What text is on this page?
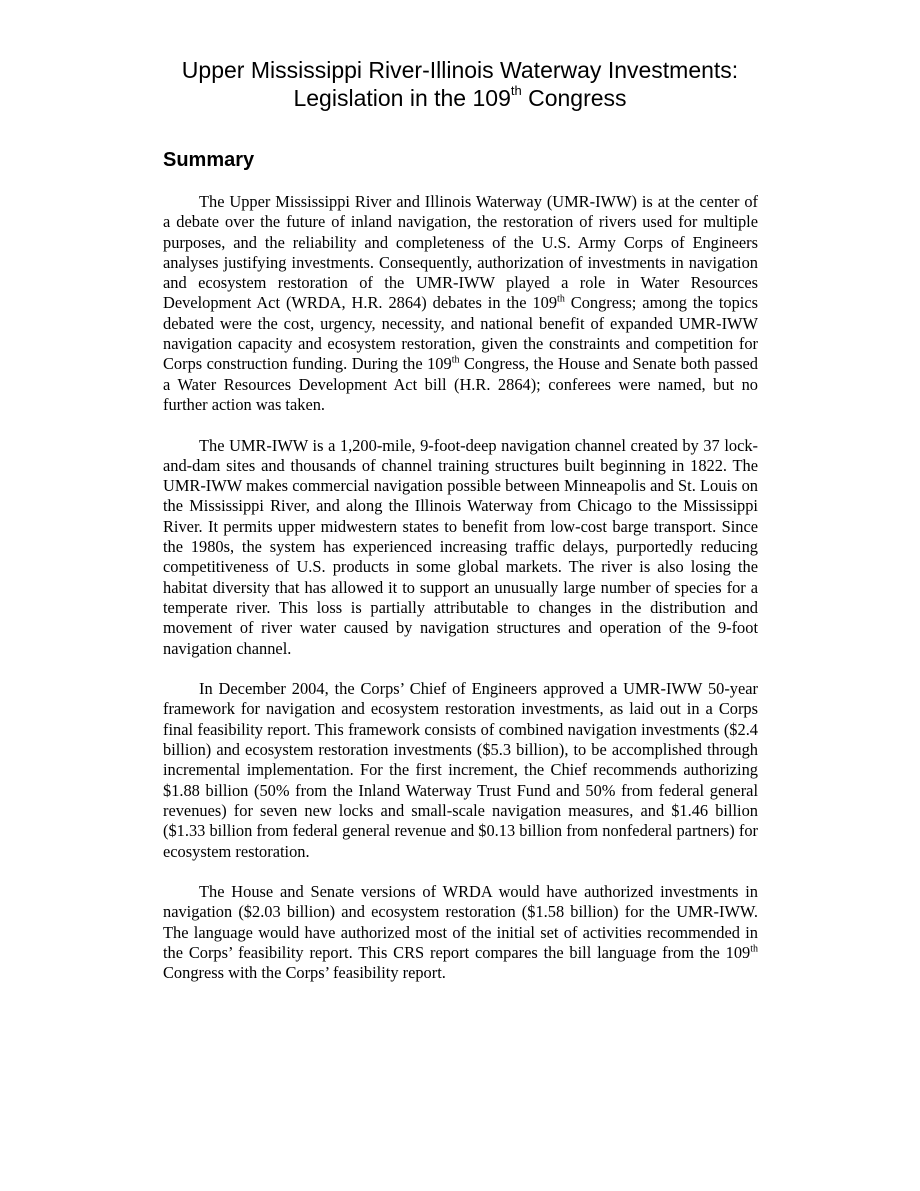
Upper Mississippi River-Illinois Waterway Investments:
Legislation in the 109th Congress
Summary

The Upper Mississippi River and Illinois Waterway (UMR-IWW) is at the center of a debate over the future of inland navigation, the restoration of rivers used for multiple purposes, and the reliability and completeness of the U.S. Army Corps of Engineers analyses justifying investments. Consequently, authorization of investments in navigation and ecosystem restoration of the UMR-IWW played a role in Water Resources Development Act (WRDA, H.R. 2864) debates in the 109th Congress; among the topics debated were the cost, urgency, necessity, and national benefit of expanded UMR-IWW navigation capacity and ecosystem restoration, given the constraints and competition for Corps construction funding. During the 109th Congress, the House and Senate both passed a Water Resources Development Act bill (H.R. 2864); conferees were named, but no further action was taken.

The UMR-IWW is a 1,200-mile, 9-foot-deep navigation channel created by 37 lock-and-dam sites and thousands of channel training structures built beginning in 1822. The UMR-IWW makes commercial navigation possible between Minneapolis and St. Louis on the Mississippi River, and along the Illinois Waterway from Chicago to the Mississippi River. It permits upper midwestern states to benefit from low-cost barge transport. Since the 1980s, the system has experienced increasing traffic delays, purportedly reducing competitiveness of U.S. products in some global markets. The river is also losing the habitat diversity that has allowed it to support an unusually large number of species for a temperate river. This loss is partially attributable to changes in the distribution and movement of river water caused by navigation structures and operation of the 9-foot navigation channel.

In December 2004, the Corps’ Chief of Engineers approved a UMR-IWW 50-year framework for navigation and ecosystem restoration investments, as laid out in a Corps final feasibility report. This framework consists of combined navigation investments ($2.4 billion) and ecosystem restoration investments ($5.3 billion), to be accomplished through incremental implementation. For the first increment, the Chief recommends authorizing $1.88 billion (50% from the Inland Waterway Trust Fund and 50% from federal general revenues) for seven new locks and small-scale navigation measures, and $1.46 billion ($1.33 billion from federal general revenue and $0.13 billion from nonfederal partners) for ecosystem restoration.

The House and Senate versions of WRDA would have authorized investments in navigation ($2.03 billion) and ecosystem restoration ($1.58 billion) for the UMR-IWW. The language would have authorized most of the initial set of activities recommended in the Corps’ feasibility report. This CRS report compares the bill language from the 109th Congress with the Corps’ feasibility report.
